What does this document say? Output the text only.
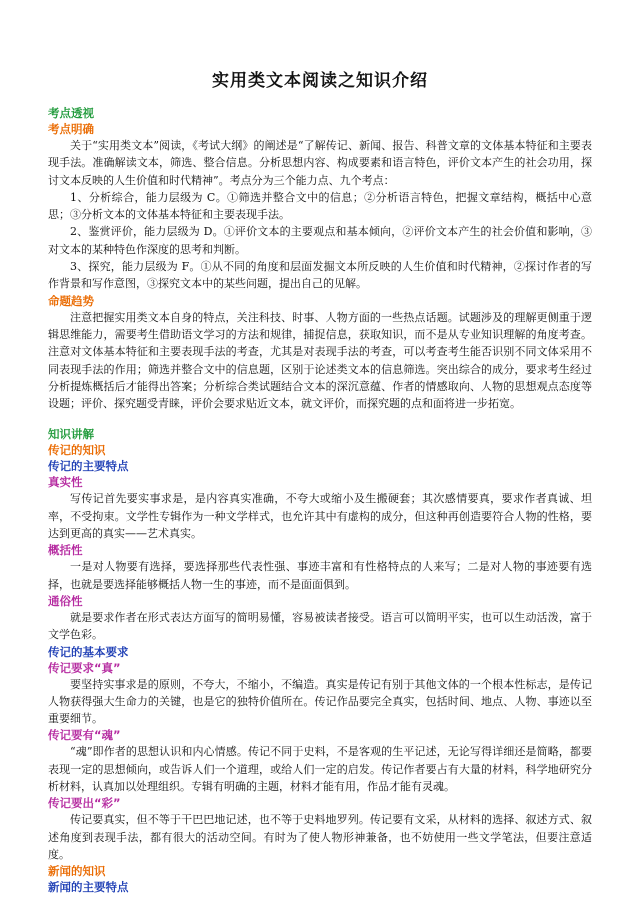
实用类文本阅读之知识介绍
考点透视
考点明确

关于“实用类文本”阅读，《考试大纲》的阐述是“了解传记、新闻、报告、科普文章的文体基本特征和主要表现手法。准确解读文本，筛选、整合信息。分析思想内容、构成要素和语言特色，评价文本产生的社会功用，探讨文本反映的人生价值和时代精神”。考点分为三个能力点、九个考点：

1、分析综合，能力层级为 C。①筛选并整合文中的信息；②分析语言特色，把握文章结构，概括中心意思；③分析文本的文体基本特征和主要表现手法。

2、鉴赏评价，能力层级为 D。①评价文本的主要观点和基本倾向，②评价文本产生的社会价值和影响，③对文本的某种特色作深度的思考和判断。

3、探究，能力层级为 F。①从不同的角度和层面发掘文本所反映的人生价值和时代精神，②探讨作者的写作背景和写作意图，③探究文本中的某些问题，提出自己的见解。

命题趋势

注意把握实用类文本自身的特点，关注科技、时事、人物方面的一些热点话题。试题涉及的理解更侧重于逻辑思维能力，需要考生借助语文学习的方法和规律，捕捉信息，获取知识，而不是从专业知识理解的角度考查。注意对文体基本特征和主要表现手法的考查，尤其是对表现手法的考查，可以考查考生能否识别不同文体采用不同表现手法的作用；筛选并整合文中的信息题，区别于论述类文本的信息筛选。突出综合的成分，要求考生经过分析提炼概括后才能得出答案；分析综合类试题结合文本的深沉意蕴、作者的情感取向、人物的思想观点态度等设题；评价、探究题受青睐，评价会要求贴近文本，就文评价，而探究题的点和面将进一步拓宽。

知识讲解
传记的知识
传记的主要特点
真实性

写传记首先要实事求是，是内容真实准确，不夸大或缩小及生搬硬套；其次感情要真，要求作者真诚、坦率，不受拘束。文学性专辑作为一种文学样式，也允许其中有虚构的成分，但这种再创造要符合人物的性格，要达到更高的真实——艺术真实。

概括性

一是对人物要有选择，要选择那些代表性强、事迹丰富和有性格特点的人来写；二是对人物的事迹要有选择，也就是要选择能够概括人物一生的事迹，而不是面面俱到。

通俗性

就是要求作者在形式表达方面写的简明易懂，容易被读者接受。语言可以简明平实，也可以生动活泼，富于文学色彩。

传记的基本要求
传记要求“真”

要坚持实事求是的原则，不夸大，不缩小，不编造。真实是传记有别于其他文体的一个根本性标志，是传记人物获得强大生命力的关键，也是它的独特价值所在。传记作品要完全真实，包括时间、地点、人物、事迹以至重要细节。

传记要有“魂”

“魂”即作者的思想认识和内心情感。传记不同于史料，不是客观的生平记述，无论写得详细还是简略，都要表现一定的思想倾向，或告诉人们一个道理，或给人们一定的启发。传记作者要占有大量的材料，科学地研究分析材料，认真加以处理组织。专辑有明确的主题，材料才能有用，作品才能有灵魂。

传记要出“彩”

传记要真实，但不等于干巴巴地记述，也不等于史料地罗列。传记要有文采，从材料的选择、叙述方式、叙述角度到表现手法，都有很大的活动空间。有时为了使人物形神兼备，也不妨使用一些文学笔法，但要注意适度。

新闻的知识
新闻的主要特点
